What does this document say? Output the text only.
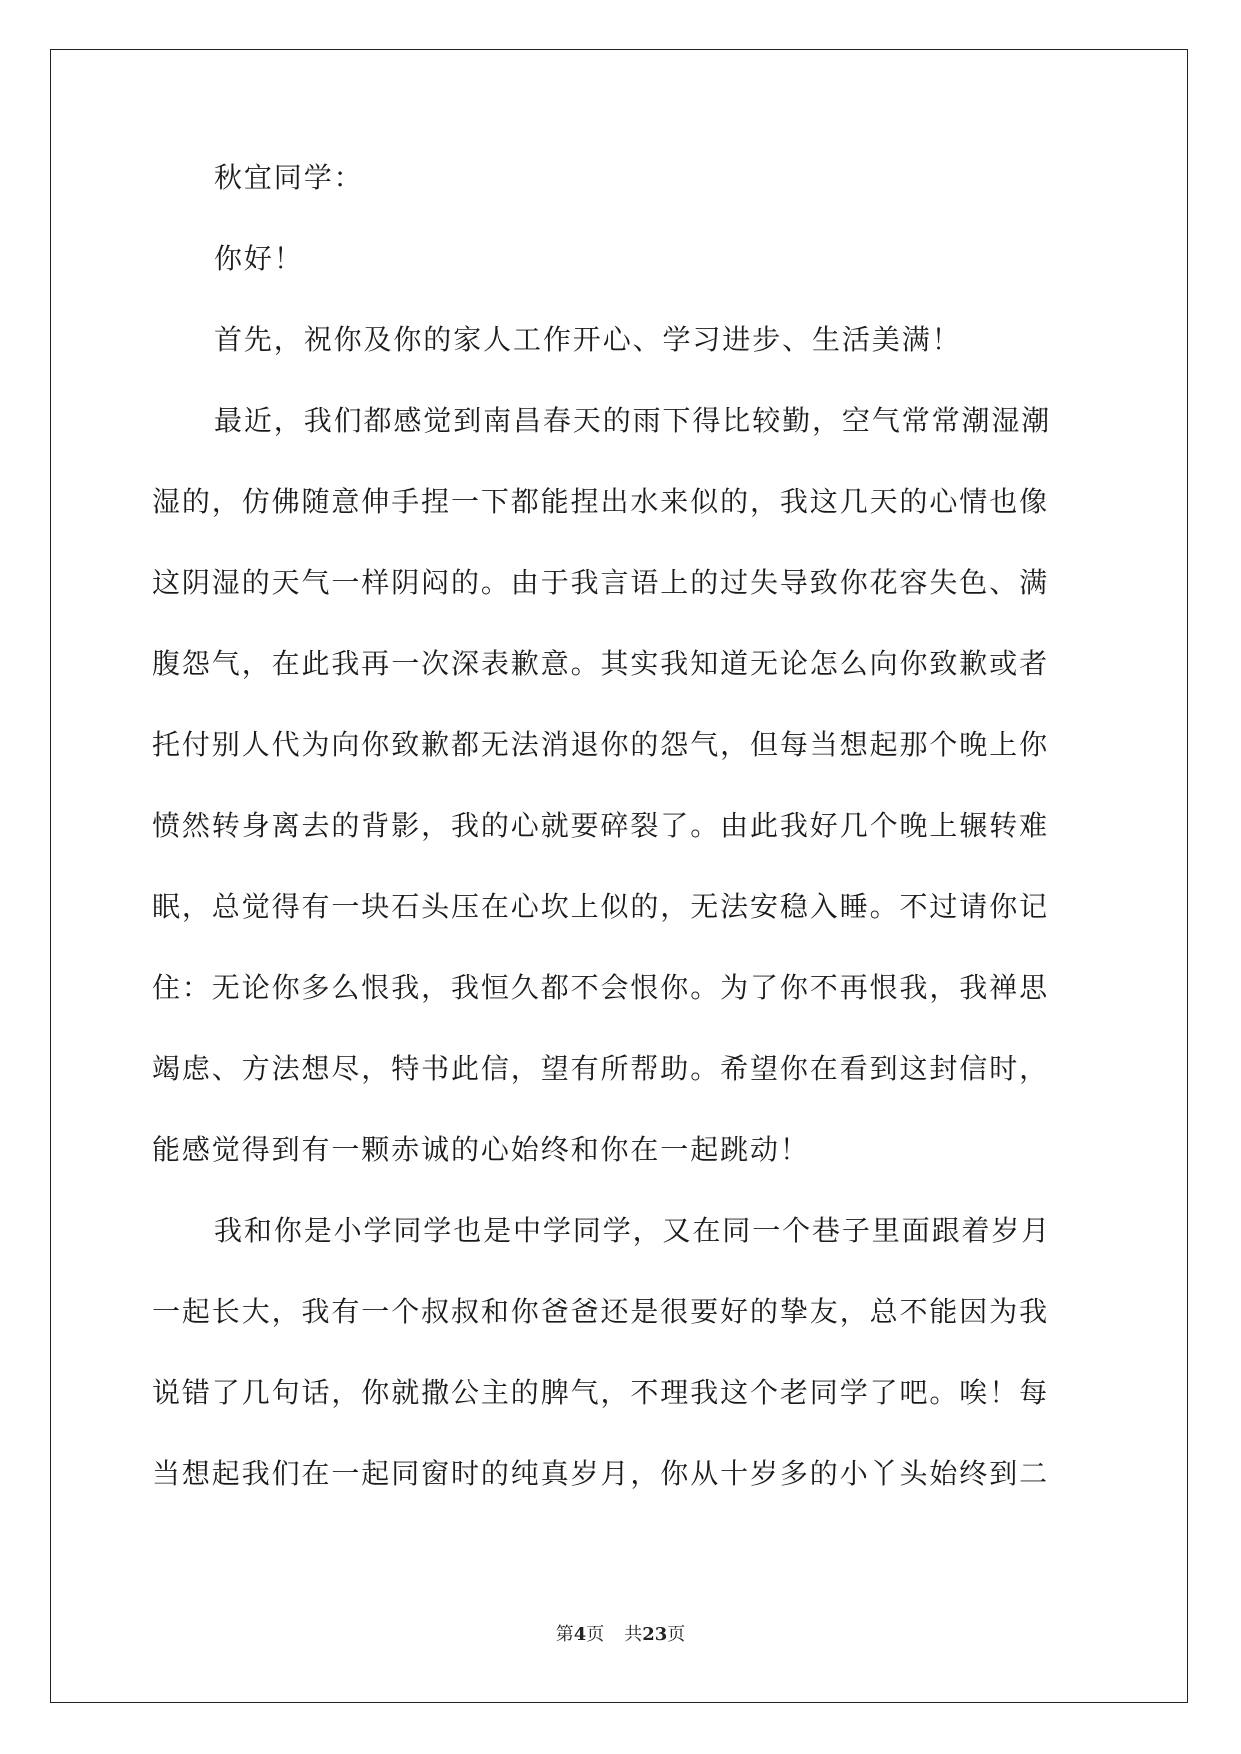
秋宜同学：
你好！
首先，祝你及你的家人工作开心、学习进步、生活美满！
最近，我们都感觉到南昌春天的雨下得比较勤，空气常常潮湿潮
湿的，仿佛随意伸手捏一下都能捏出水来似的，我这几天的心情也像
这阴湿的天气一样阴闷的。由于我言语上的过失导致你花容失色、满
腹怨气，在此我再一次深表歉意。其实我知道无论怎么向你致歉或者
托付别人代为向你致歉都无法消退你的怨气，但每当想起那个晚上你
愤然转身离去的背影，我的心就要碎裂了。由此我好几个晚上辗转难
眠，总觉得有一块石头压在心坎上似的，无法安稳入睡。不过请你记
住：无论你多么恨我，我恒久都不会恨你。为了你不再恨我，我禅思
竭虑、方法想尽，特书此信，望有所帮助。希望你在看到这封信时，
能感觉得到有一颗赤诚的心始终和你在一起跳动！
我和你是小学同学也是中学同学，又在同一个巷子里面跟着岁月
一起长大，我有一个叔叔和你爸爸还是很要好的挚友，总不能因为我
说错了几句话，你就撒公主的脾气，不理我这个老同学了吧。唉！每
当想起我们在一起同窗时的纯真岁月，你从十岁多的小丫头始终到二
第4页 共23页
